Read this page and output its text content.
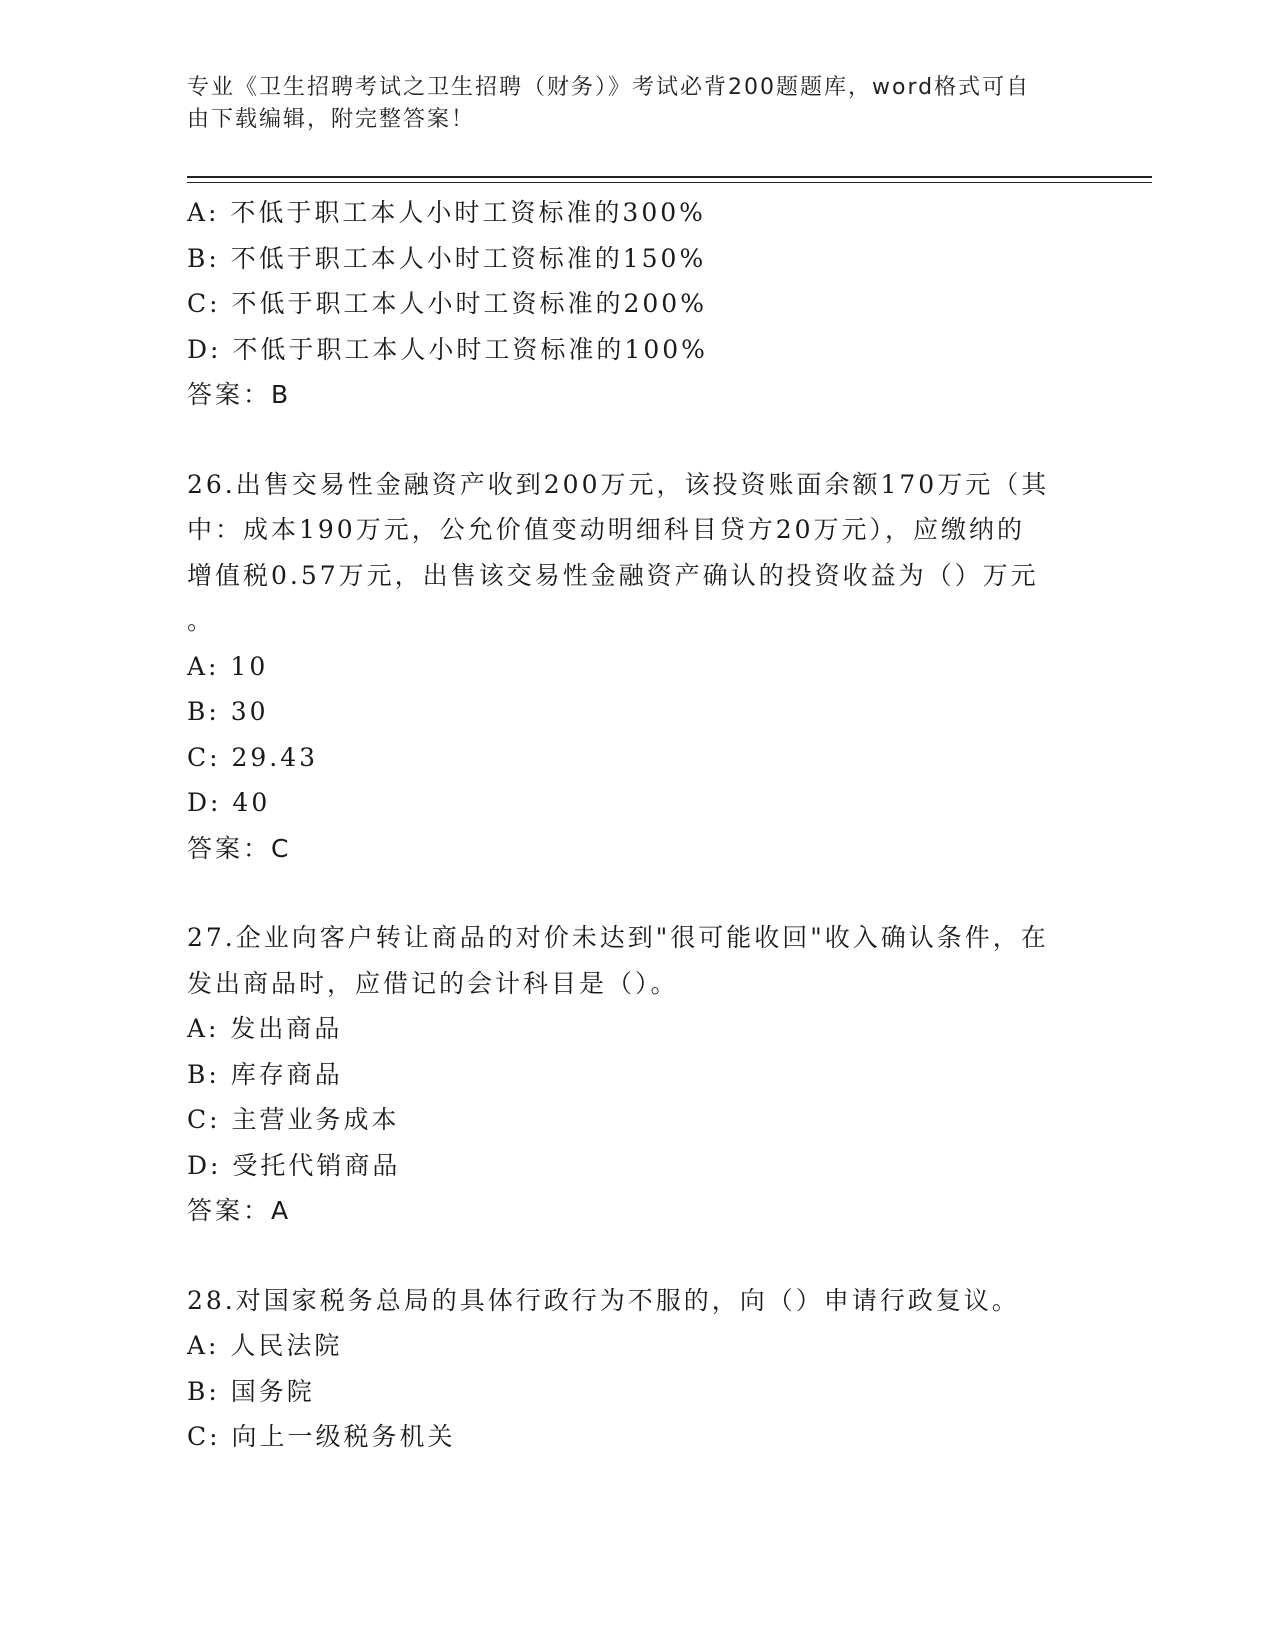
专业《卫生招聘考试之卫生招聘（财务）》考试必背200题题库，word格式可自
由下载编辑，附完整答案！
A: 不低于职工本人小时工资标准的300%
B: 不低于职工本人小时工资标准的150%
C: 不低于职工本人小时工资标准的200%
D: 不低于职工本人小时工资标准的100%
答案：B
26.出售交易性金融资产收到200万元，该投资账面余额170万元（其
中：成本190万元，公允价值变动明细科目贷方20万元），应缴纳的
增值税0.57万元，出售该交易性金融资产确认的投资收益为（）万元
。
A: 10
B: 30
C: 29.43
D: 40
答案：C
27.企业向客户转让商品的对价未达到"很可能收回"收入确认条件，在
发出商品时，应借记的会计科目是（）。
A: 发出商品
B: 库存商品
C: 主营业务成本
D: 受托代销商品
答案：A
28.对国家税务总局的具体行政行为不服的，向（）申请行政复议。
A: 人民法院
B: 国务院
C: 向上一级税务机关
